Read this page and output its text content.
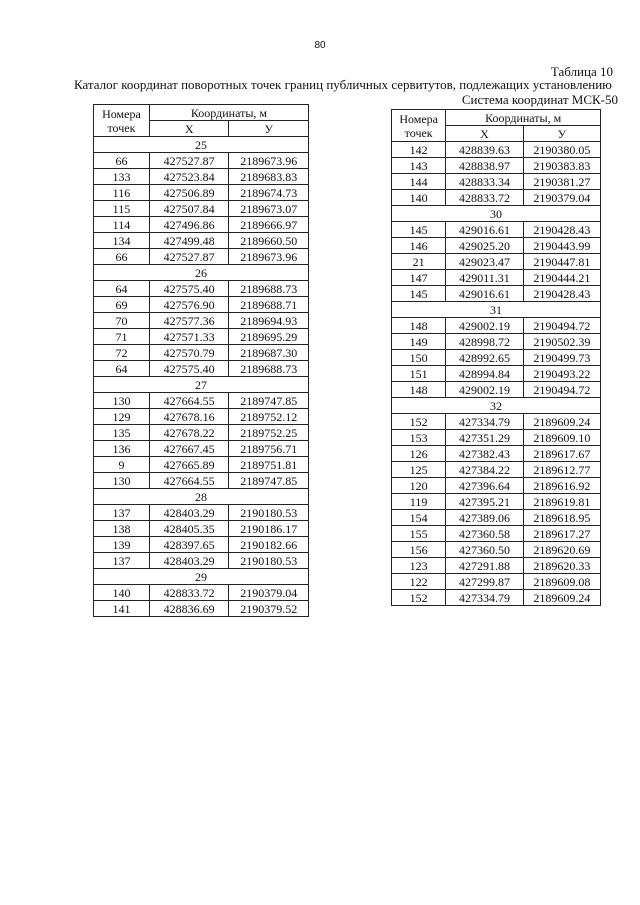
80
Таблица 10
Каталог координат поворотных точек границ публичных сервитутов, подлежащих установлению
Система координат МСК-50
Номера точек	Координаты, м	
	X	У
25		
66	427527.87	2189673.96
133	427523.84	2189683.83
116	427506.89	2189674.73
115	427507.84	2189673.07
114	427496.86	2189666.97
134	427499.48	2189660.50
66	427527.87	2189673.96
26		
64	427575.40	2189688.73
69	427576.90	2189688.71
70	427577.36	2189694.93
71	427571.33	2189695.29
72	427570.79	2189687.30
64	427575.40	2189688.73
27		
130	427664.55	2189747.85
129	427678.16	2189752.12
135	427678.22	2189752.25
136	427667.45	2189756.71
9	427665.89	2189751.81
130	427664.55	2189747.85
28		
137	428403.29	2190180.53
138	428405.35	2190186.17
139	428397.65	2190182.66
137	428403.29	2190180.53
29		
140	428833.72	2190379.04
141	428836.69	2190379.52
Номера точек	Координаты, м	
	X	У
142	428839.63	2190380.05
143	428838.97	2190383.83
144	428833.34	2190381.27
140	428833.72	2190379.04
30		
145	429016.61	2190428.43
146	429025.20	2190443.99
21	429023.47	2190447.81
147	429011.31	2190444.21
145	429016.61	2190428.43
31		
148	429002.19	2190494.72
149	428998.72	2190502.39
150	428992.65	2190499.73
151	428994.84	2190493.22
148	429002.19	2190494.72
32		
152	427334.79	2189609.24
153	427351.29	2189609.10
126	427382.43	2189617.67
125	427384.22	2189612.77
120	427396.64	2189616.92
119	427395.21	2189619.81
154	427389.06	2189618.95
155	427360.58	2189617.27
156	427360.50	2189620.69
123	427291.88	2189620.33
122	427299.87	2189609.08
152	427334.79	2189609.24
